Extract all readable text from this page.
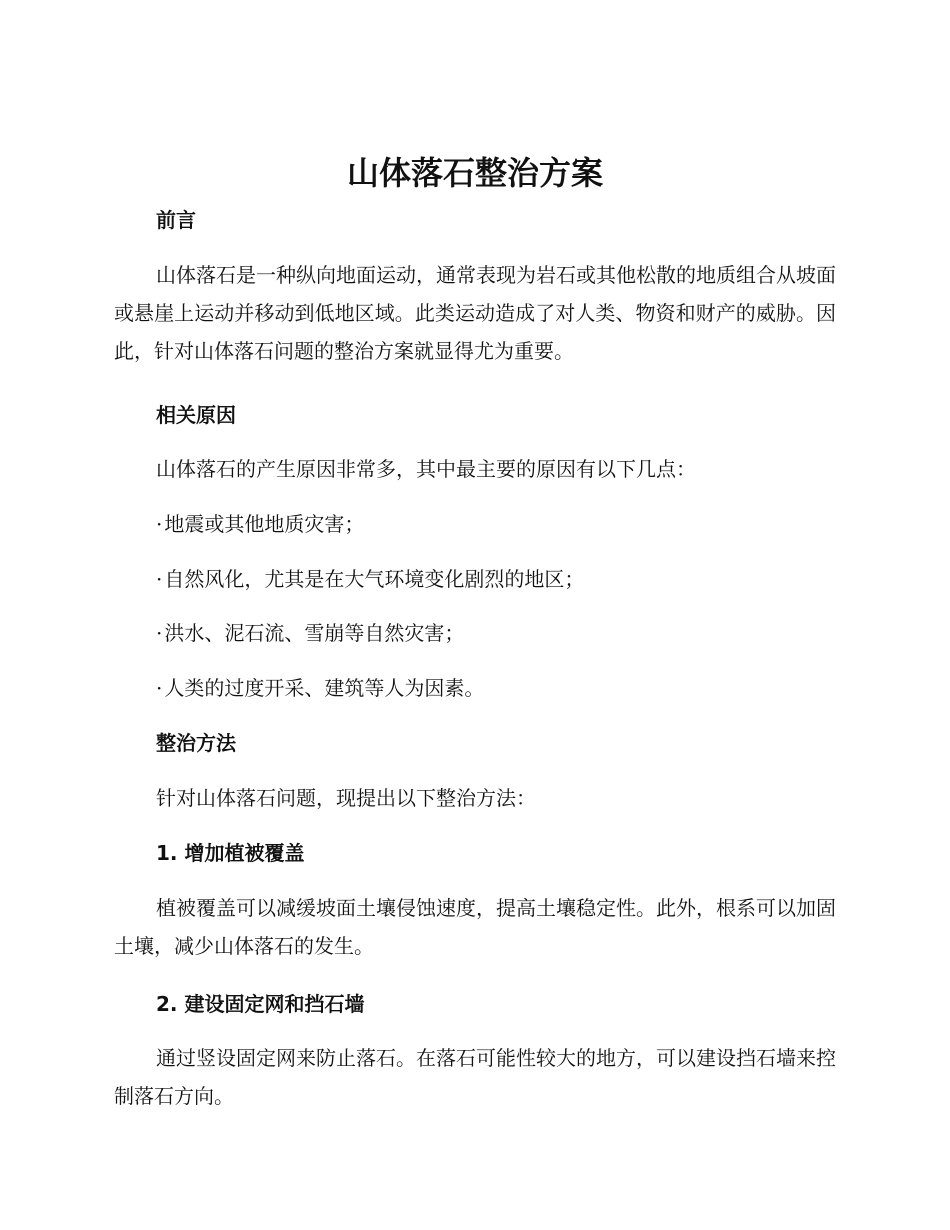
山体落石整治方案
前言

山体落石是一种纵向地面运动，通常表现为岩石或其他松散的地质组合从坡面或悬崖上运动并移动到低地区域。此类运动造成了对人类、物资和财产的威胁。因此，针对山体落石问题的整治方案就显得尤为重要。

相关原因

山体落石的产生原因非常多，其中最主要的原因有以下几点：

· 地震或其他地质灾害；

· 自然风化，尤其是在大气环境变化剧烈的地区；

· 洪水、泥石流、雪崩等自然灾害；

· 人类的过度开采、建筑等人为因素。

整治方法

针对山体落石问题，现提出以下整治方法：

1. 增加植被覆盖

植被覆盖可以减缓坡面土壤侵蚀速度，提高土壤稳定性。此外，根系可以加固土壤，减少山体落石的发生。

2. 建设固定网和挡石墙

通过竖设固定网来防止落石。在落石可能性较大的地方，可以建设挡石墙来控制落石方向。
